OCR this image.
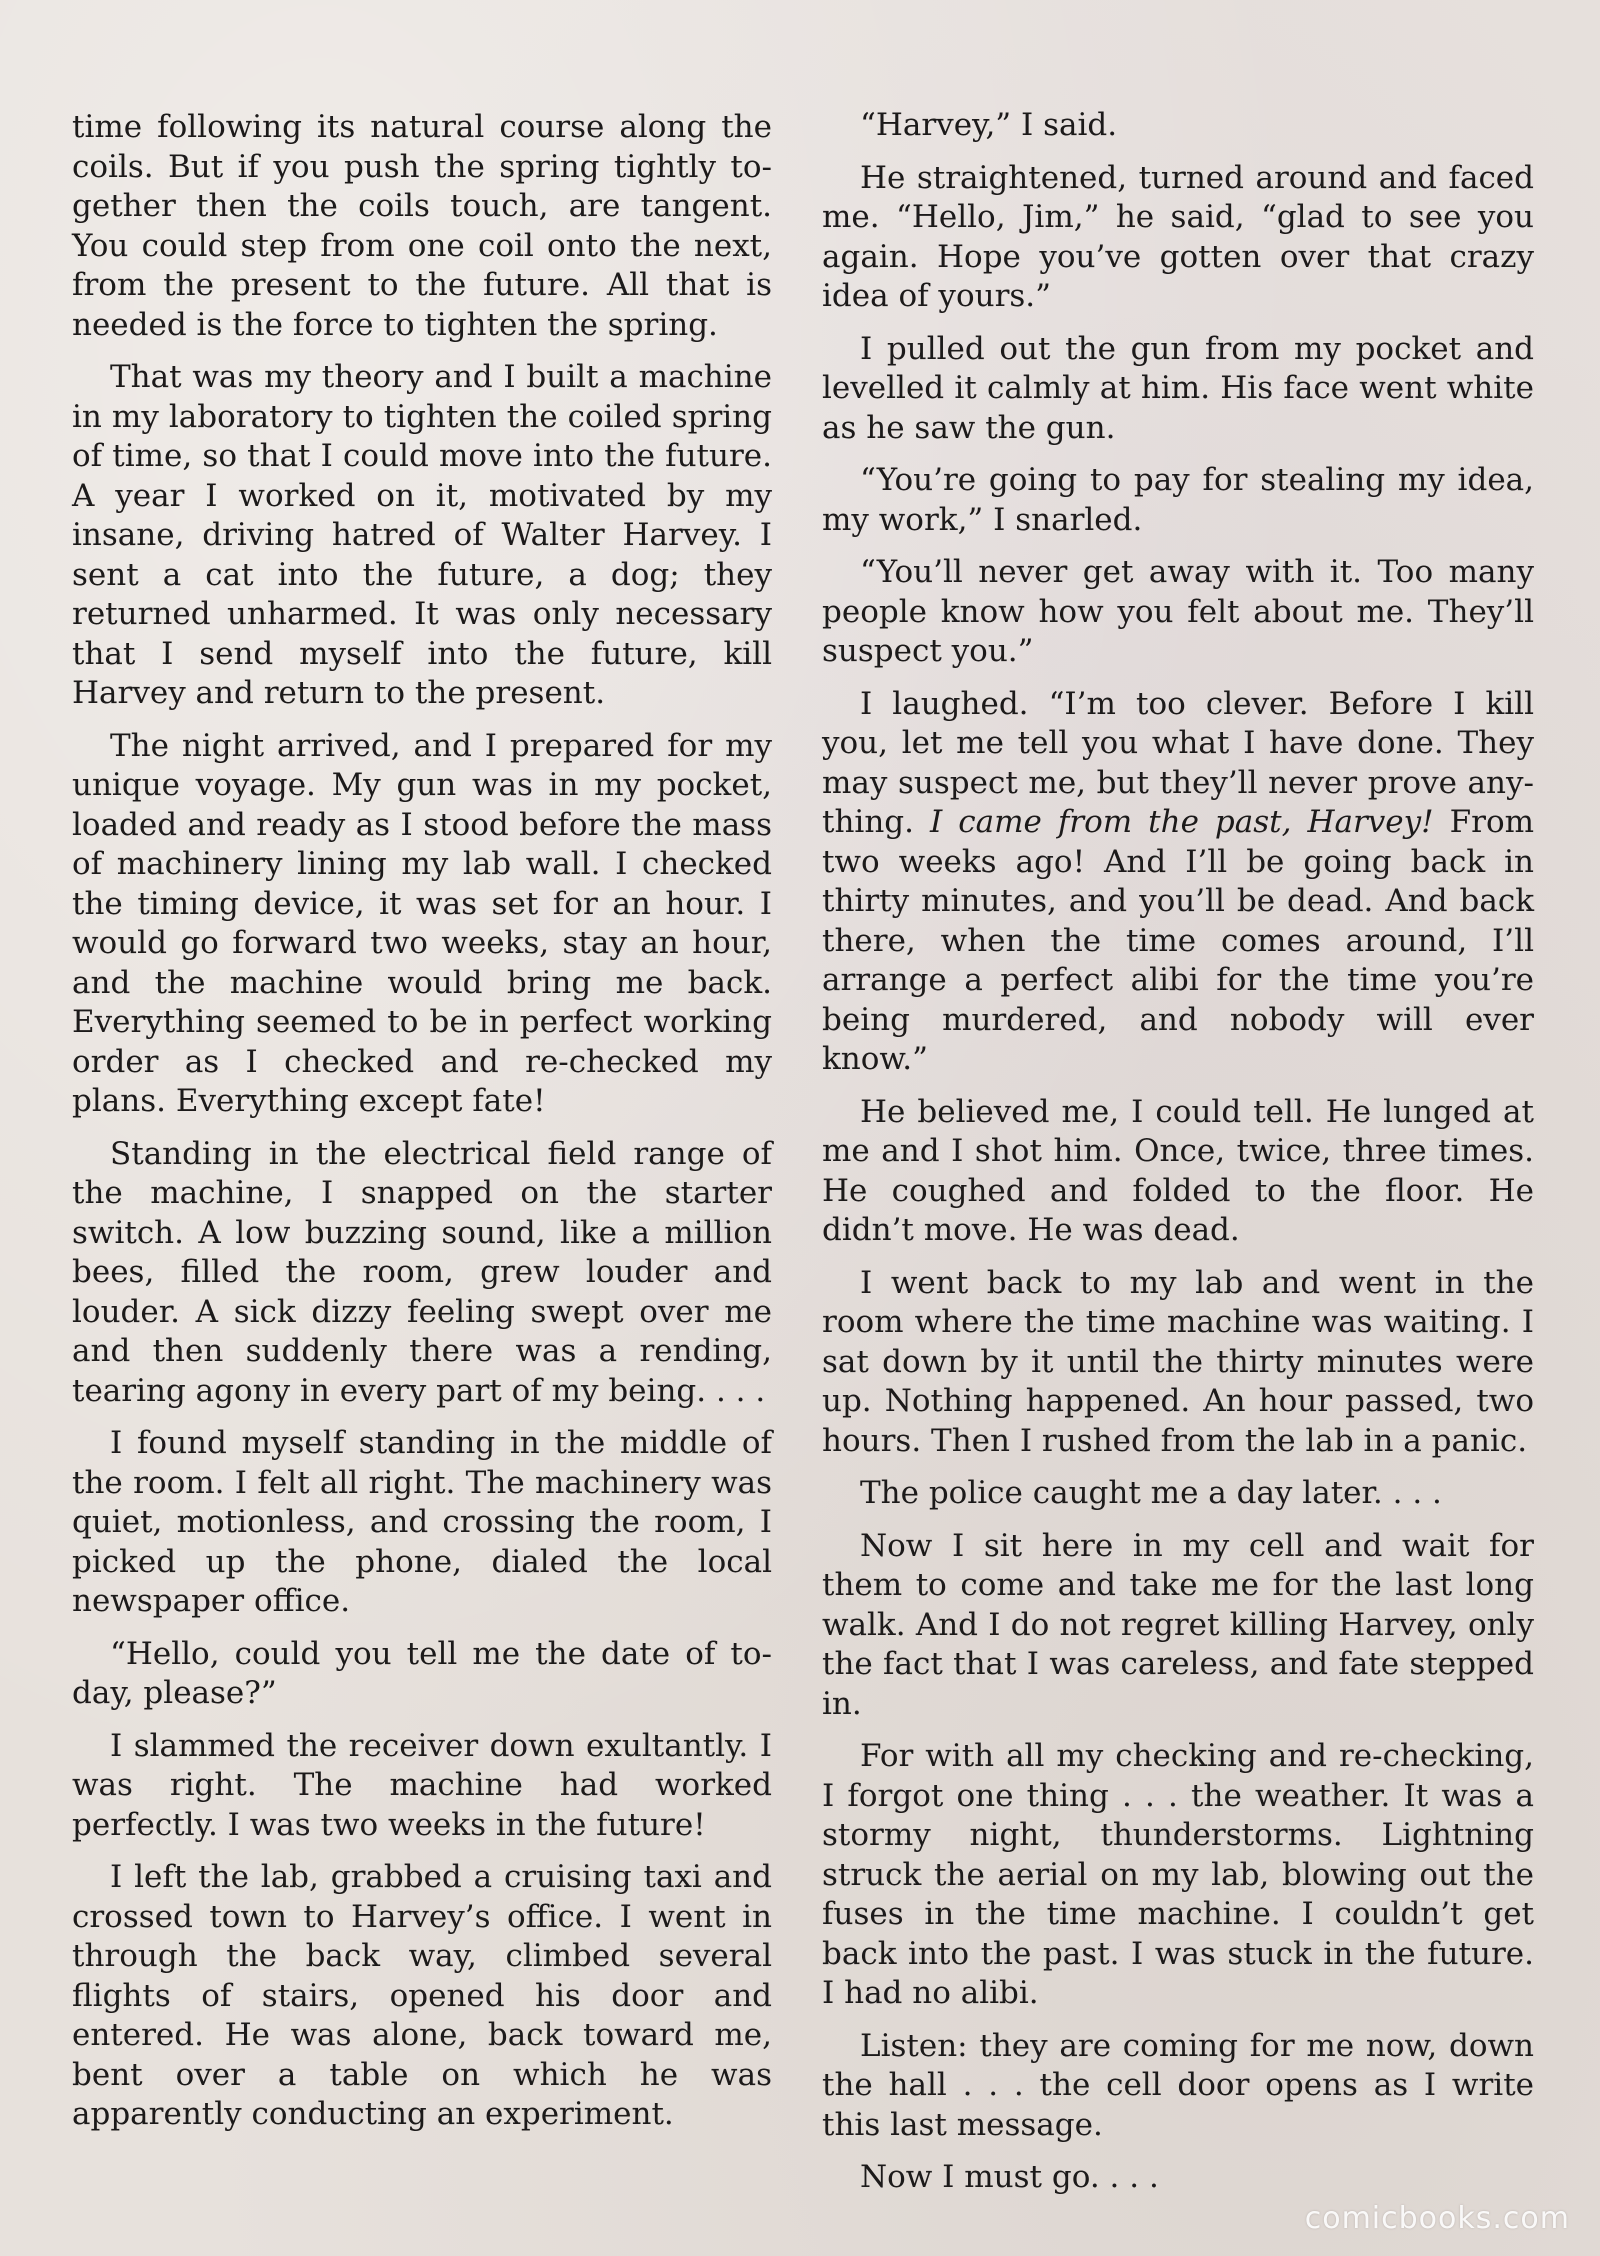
time following its natural course along the coils. But if you push the spring tightly together then the coils touch, are tangent. You could step from one coil onto the next, from the present to the future. All that is needed is the force to tighten the spring.

That was my theory and I built a machine in my laboratory to tighten the coiled spring of time, so that I could move into the future. A year I worked on it, motivated by my insane, driving hatred of Walter Harvey. I sent a cat into the future, a dog; they returned unharmed. It was only necessary that I send myself into the future, kill Harvey and return to the present.

The night arrived, and I prepared for my unique voyage. My gun was in my pocket, loaded and ready as I stood before the mass of machinery lining my lab wall. I checked the timing device, it was set for an hour. I would go forward two weeks, stay an hour, and the machine would bring me back. Everything seemed to be in perfect working order as I checked and re-checked my plans. Everything except fate!

Standing in the electrical field range of the machine, I snapped on the starter switch. A low buzzing sound, like a million bees, filled the room, grew louder and louder. A sick dizzy feeling swept over me and then suddenly there was a rending, tearing agony in every part of my being. . . .

I found myself standing in the middle of the room. I felt all right. The machinery was quiet, motionless, and crossing the room, I picked up the phone, dialed the local newspaper office.

“Hello, could you tell me the date of today, please?”

I slammed the receiver down exultantly. I was right. The machine had worked perfectly. I was two weeks in the future!

I left the lab, grabbed a cruising taxi and crossed town to Harvey’s office. I went in through the back way, climbed several flights of stairs, opened his door and entered. He was alone, back toward me, bent over a table on which he was apparently conducting an experiment.

“Harvey,” I said.

He straightened, turned around and faced me. “Hello, Jim,” he said, “glad to see you again. Hope you’ve gotten over that crazy idea of yours.”

I pulled out the gun from my pocket and levelled it calmly at him. His face went white as he saw the gun.

“You’re going to pay for stealing my idea, my work,” I snarled.

“You’ll never get away with it. Too many people know how you felt about me. They’ll suspect you.”

I laughed. “I’m too clever. Before I kill you, let me tell you what I have done. They may suspect me, but they’ll never prove anything. I came from the past, Harvey! From two weeks ago! And I’ll be going back in thirty minutes, and you’ll be dead. And back there, when the time comes around, I’ll arrange a perfect alibi for the time you’re being murdered, and nobody will ever know.”

He believed me, I could tell. He lunged at me and I shot him. Once, twice, three times. He coughed and folded to the floor. He didn’t move. He was dead.

I went back to my lab and went in the room where the time machine was waiting. I sat down by it until the thirty minutes were up. Nothing happened. An hour passed, two hours. Then I rushed from the lab in a panic.

The police caught me a day later. . . .

Now I sit here in my cell and wait for them to come and take me for the last long walk. And I do not regret killing Harvey, only the fact that I was careless, and fate stepped in.

For with all my checking and re-checking, I forgot one thing . . . the weather. It was a stormy night, thunderstorms. Lightning struck the aerial on my lab, blowing out the fuses in the time machine. I couldn’t get back into the past. I was stuck in the future. I had no alibi.

Listen: they are coming for me now, down the hall . . . the cell door opens as I write this last message.

Now I must go. . . .

comicbooks.com
